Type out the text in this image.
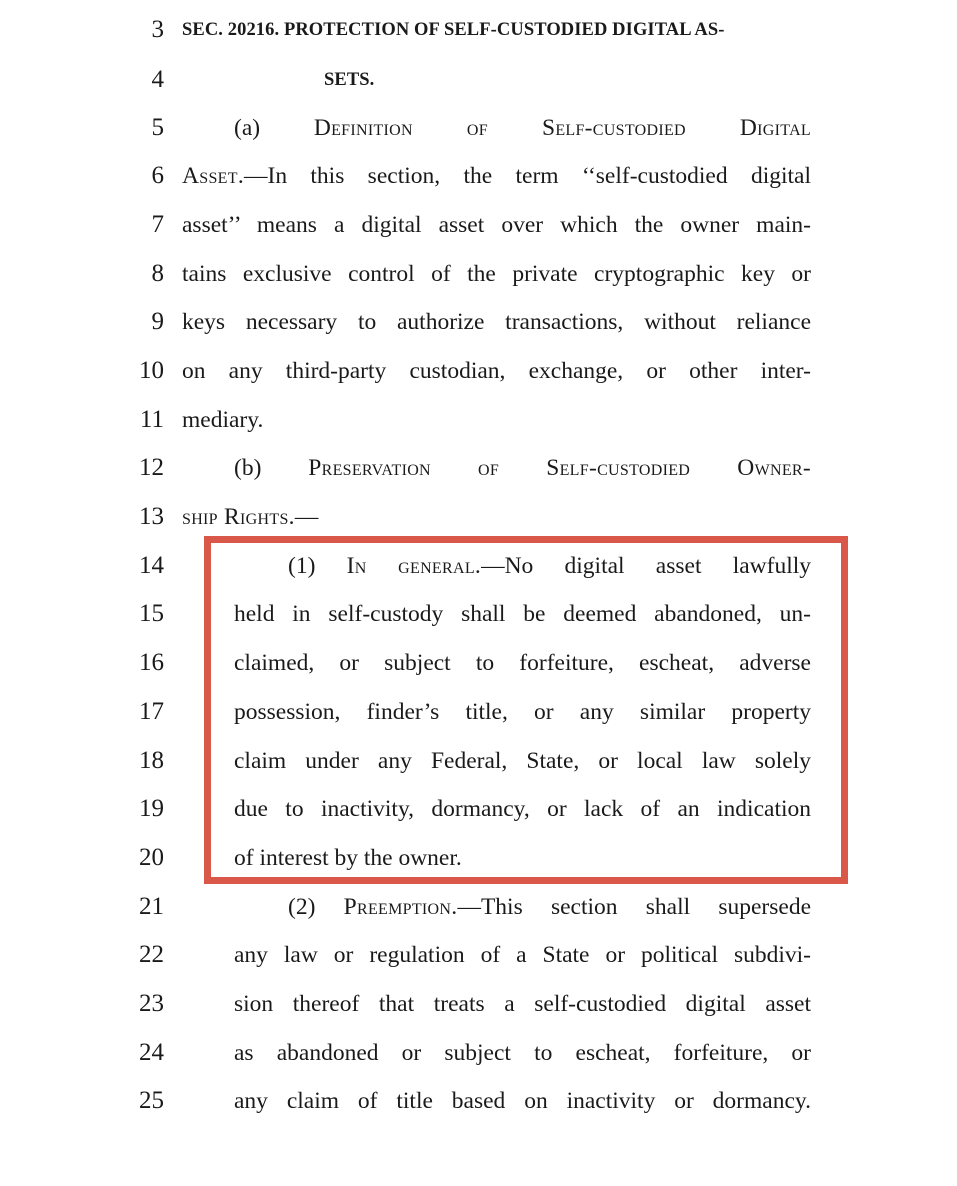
3 SEC. 20216. PROTECTION OF SELF-CUSTODIED DIGITAL AS-
4	SETS.
5	(a) Definition of Self-custodied Digital
6 Asset.—In this section, the term ‘‘self-custodied digital
7 asset’’ means a digital asset over which the owner main-
8 tains exclusive control of the private cryptographic key or
9 keys necessary to authorize transactions, without reliance
10 on any third-party custodian, exchange, or other inter-
11 mediary.
12	(b) Preservation of Self-custodied Owner-
13 ship Rights.—
14	(1) In general.—No digital asset lawfully
15	held in self-custody shall be deemed abandoned, un-
16	claimed, or subject to forfeiture, escheat, adverse
17	possession, finder’s title, or any similar property
18	claim under any Federal, State, or local law solely
19	due to inactivity, dormancy, or lack of an indication
20	of interest by the owner.
21	(2) Preemption.—This section shall supersede
22	any law or regulation of a State or political subdivi-
23	sion thereof that treats a self-custodied digital asset
24	as abandoned or subject to escheat, forfeiture, or
25	any claim of title based on inactivity or dormancy.
